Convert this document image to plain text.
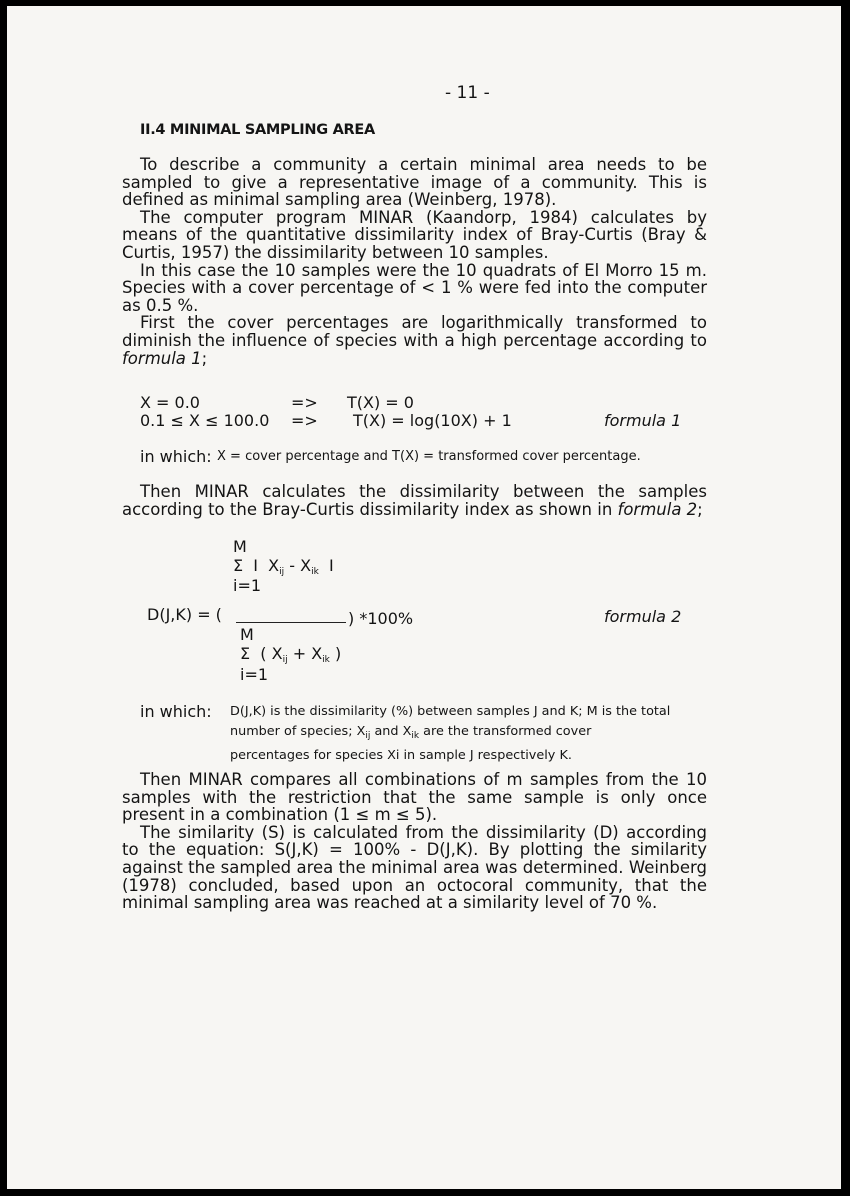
- 11 -
II.4 MINIMAL SAMPLING AREA

To describe a community a certain minimal area needs to be sampled to give a representative image of a community. This is defined as minimal sampling area (Weinberg, 1978).

The computer program MINAR (Kaandorp, 1984) calculates by means of the quantitative dissimilarity index of Bray-Curtis (Bray & Curtis, 1957) the dissimilarity between 10 samples.

In this case the 10 samples were the 10 quadrats of El Morro 15 m. Species with a cover percentage of < 1 % were fed into the computer as 0.5 %.

First the cover percentages are logarithmically transformed to diminish the influence of species with a high percentage according to formula 1;

X = 0.0	=> T(X) = 0
0.1 ≤ X ≤ 100.0 => T(X) = log(10X) + 1	formula 1
in which: X = cover percentage and T(X) = transformed cover percentage.

Then MINAR calculates the dissimilarity between the samples according to the Bray-Curtis dissimilarity index as shown in formula 2;

M
Σ I $X_{ij} - X_{ik}$ I
i=1
D(J,K) = (	) *100%	formula 2
M
Σ ( $X_{ij} + X_{ik}$ )
i=1
in which: D(J,K) is the dissimilarity (%) between samples J and K; M is the total
number of species; $X_{ij}$ and $X_{ik}$ are the transformed cover
percentages for species Xi in sample J respectively K.

Then MINAR compares all combinations of m samples from the 10 samples with the restriction that the same sample is only once present in a combination (1 ≤ m ≤ 5).

The similarity (S) is calculated from the dissimilarity (D) according to the equation: S(J,K) = 100% - D(J,K). By plotting the similarity against the sampled area the minimal area was determined. Weinberg (1978) concluded, based upon an octocoral community, that the minimal sampling area was reached at a similarity level of 70 %.
